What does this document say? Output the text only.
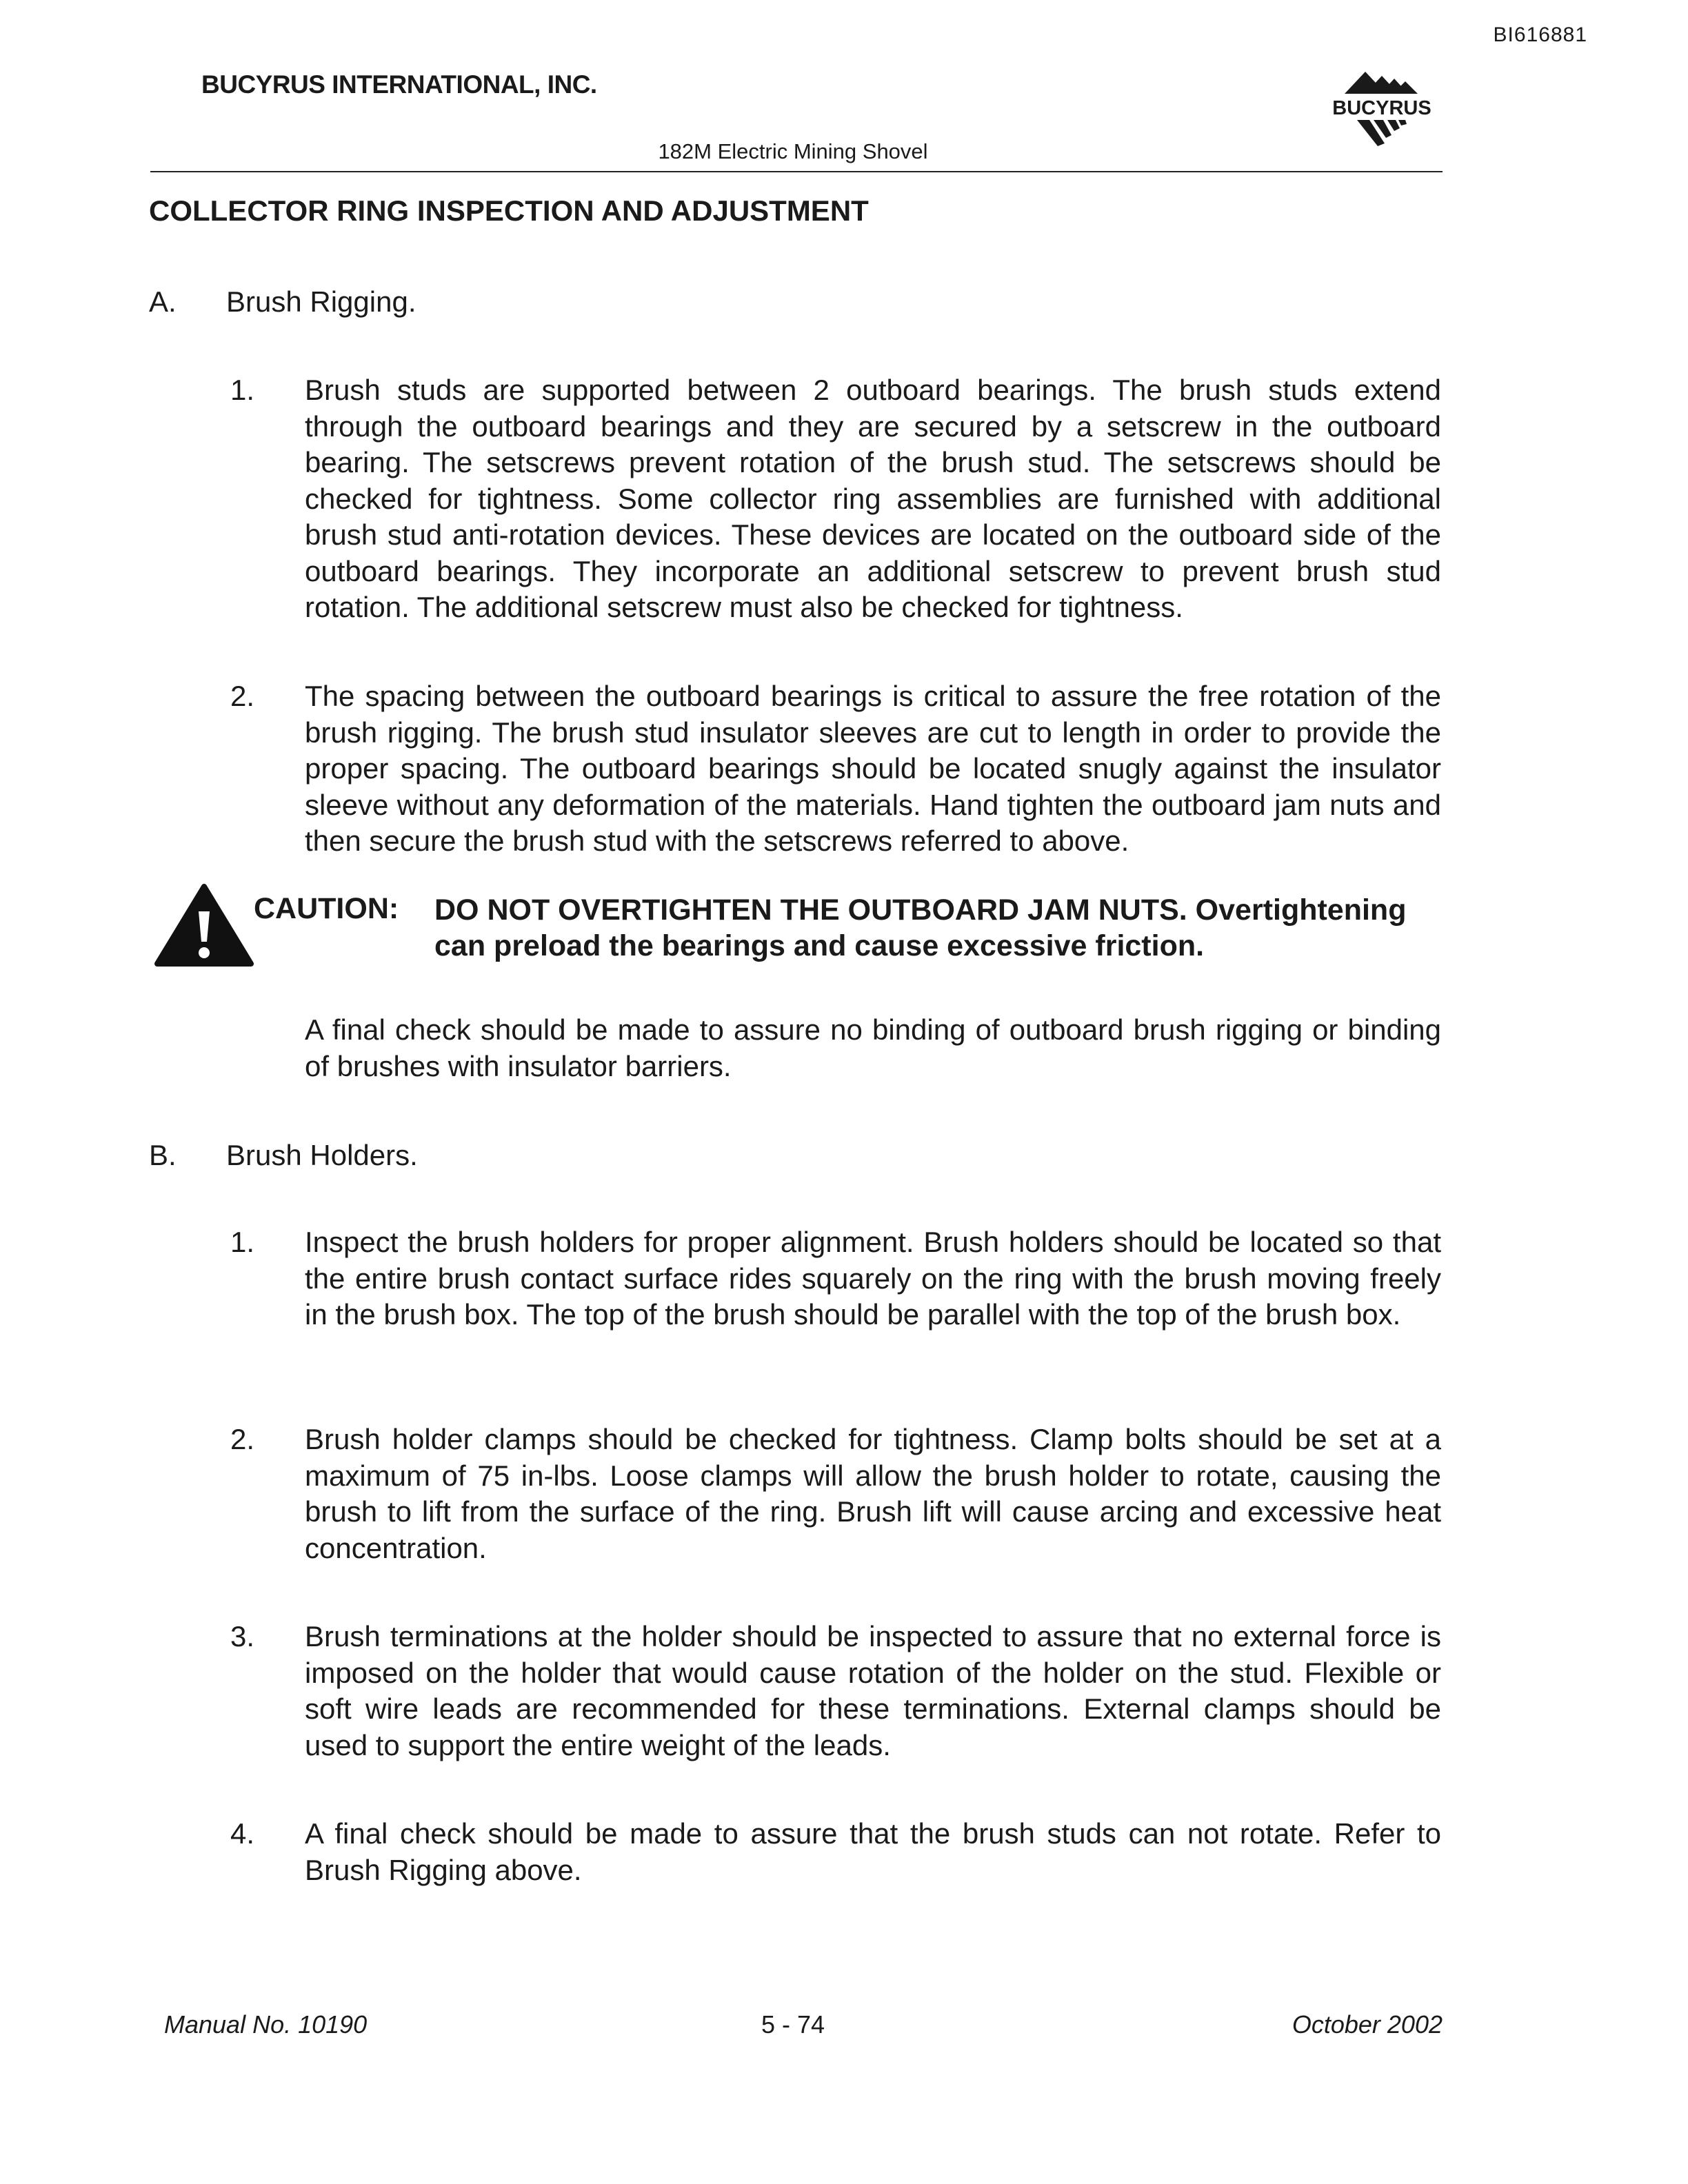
BI616881
BUCYRUS INTERNATIONAL, INC.
BUCYRUS
182M Electric Mining Shovel
COLLECTOR RING INSPECTION AND ADJUSTMENT
A. Brush Rigging.
1. Brush studs are supported between 2 outboard bearings. The brush studs extend through the outboard bearings and they are secured by a setscrew in the outboard bearing. The setscrews prevent rotation of the brush stud. The setscrews should be checked for tightness. Some collector ring assemblies are furnished with additional brush stud anti-rotation devices. These devices are located on the outboard side of the outboard bearings. They incorporate an additional setscrew to prevent brush stud rotation. The additional setscrew must also be checked for tightness.
2. The spacing between the outboard bearings is critical to assure the free rotation of the brush rigging. The brush stud insulator sleeves are cut to length in order to provide the proper spacing. The outboard bearings should be located snugly against the insulator sleeve without any deformation of the materials. Hand tighten the outboard jam nuts and then secure the brush stud with the setscrews referred to above.
CAUTION: DO NOT OVERTIGHTEN THE OUTBOARD JAM NUTS. Overtightening can preload the bearings and cause excessive friction.
A final check should be made to assure no binding of outboard brush rigging or binding of brushes with insulator barriers.
B. Brush Holders.
1. Inspect the brush holders for proper alignment. Brush holders should be located so that the entire brush contact surface rides squarely on the ring with the brush moving freely in the brush box. The top of the brush should be parallel with the top of the brush box.
2. Brush holder clamps should be checked for tightness. Clamp bolts should be set at a maximum of 75 in-lbs. Loose clamps will allow the brush holder to rotate, causing the brush to lift from the surface of the ring. Brush lift will cause arcing and excessive heat concentration.
3. Brush terminations at the holder should be inspected to assure that no external force is imposed on the holder that would cause rotation of the holder on the stud. Flexible or soft wire leads are recommended for these terminations. External clamps should be used to support the entire weight of the leads.
4. A final check should be made to assure that the brush studs can not rotate. Refer to Brush Rigging above.
Manual No. 10190	5 - 74	October 2002
